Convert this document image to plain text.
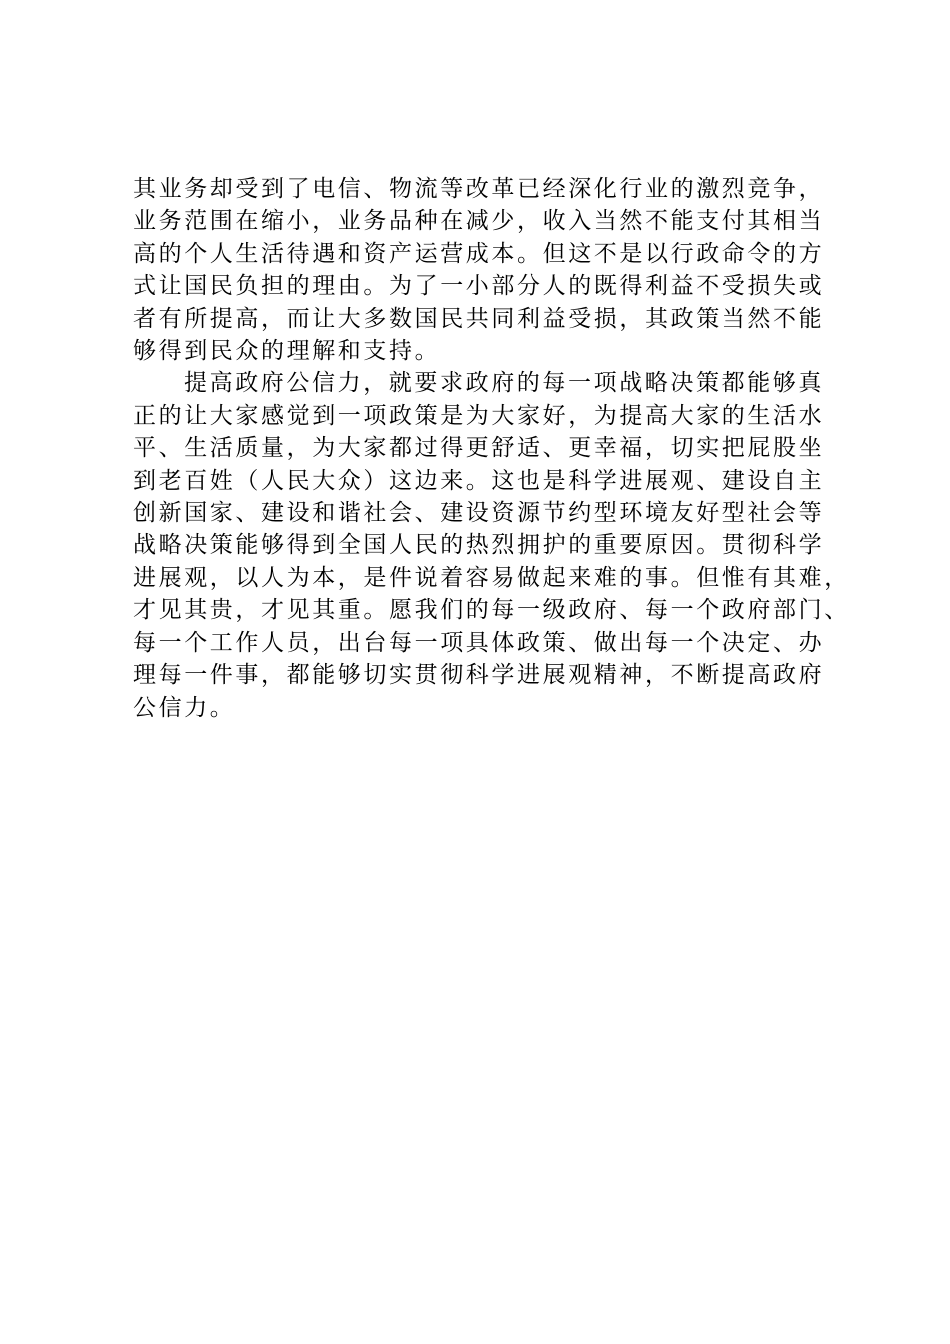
其业务却受到了电信、物流等改革已经深化行业的激烈竞争，
业务范围在缩小，业务品种在减少，收入当然不能支付其相当
高的个人生活待遇和资产运营成本。但这不是以行政命令的方
式让国民负担的理由。为了一小部分人的既得利益不受损失或
者有所提高，而让大多数国民共同利益受损，其政策当然不能
够得到民众的理解和支持。
提高政府公信力，就要求政府的每一项战略决策都能够真
正的让大家感觉到一项政策是为大家好，为提高大家的生活水
平、生活质量，为大家都过得更舒适、更幸福，切实把屁股坐
到老百姓（人民大众）这边来。这也是科学进展观、建设自主
创新国家、建设和谐社会、建设资源节约型环境友好型社会等
战略决策能够得到全国人民的热烈拥护的重要原因。贯彻科学
进展观，以人为本，是件说着容易做起来难的事。但惟有其难，
才见其贵，才见其重。愿我们的每一级政府、每一个政府部门、
每一个工作人员，出台每一项具体政策、做出每一个决定、办
理每一件事，都能够切实贯彻科学进展观精神，不断提高政府
公信力。
